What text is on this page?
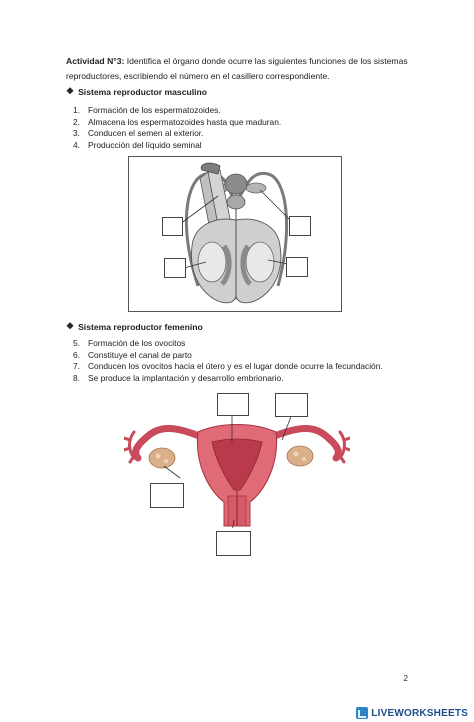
Actividad N°3: Identifica el órgano donde ocurre las siguientes funciones de los sistemas reproductores, escribiendo el número en el casillero correspondiente.
❖ Sistema reproductor masculino
1. Formación de los espermatozoides.
2. Almacena los espermatozoides hasta que maduran.
3. Conducen el semen al exterior.
4. Producción del líquido seminal
❖ Sistema reproductor femenino
5. Formación de los ovocitos
6. Constituye el canal de parto
7. Conducen los ovocitos hacia el útero y es el lugar donde ocurre la fecundación.
8. Se produce la implantación y desarrollo embrionario.
2
LIVEWORKSHEETS
